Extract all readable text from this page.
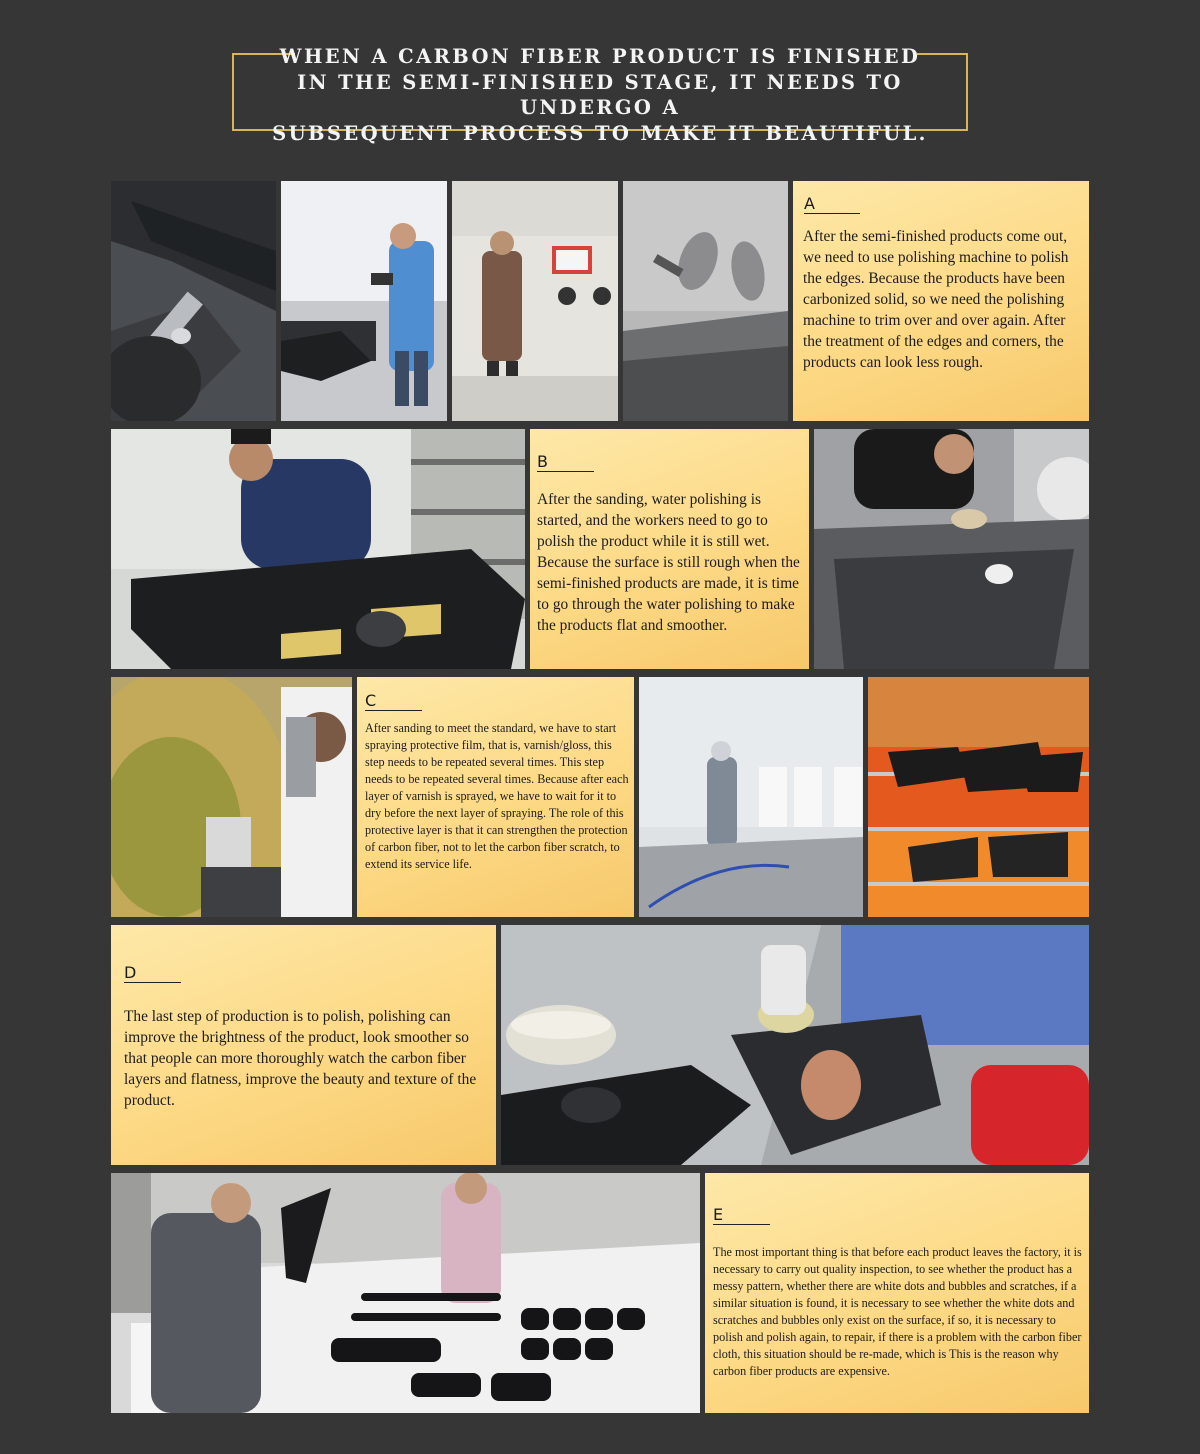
WHEN A CARBON FIBER PRODUCT IS FINISHED
IN THE SEMI-FINISHED STAGE, IT NEEDS TO UNDERGO A
SUBSEQUENT PROCESS TO MAKE IT BEAUTIFUL.
A
After the semi-finished products come out, we need to use polishing machine to polish the edges. Because the products have been carbonized solid, so we need the polishing machine to trim over and over again. After the treatment of the edges and corners, the products can look less rough.
B
After the sanding, water polishing is started, and the workers need to go to polish the product while it is still wet. Because the surface is still rough when the semi-finished products are made, it is time to go through the water polishing to make the products flat and smoother.
C
After sanding to meet the standard, we have to start spraying protective film, that is, varnish/gloss, this step needs to be repeated several times. This step needs to be repeated several times. Because after each layer of varnish is sprayed, we have to wait for it to dry before the next layer of spraying. The role of this protective layer is that it can strengthen the protection of carbon fiber, not to let the carbon fiber scratch, to extend its service life.
D
The last step of production is to polish, polishing can improve the brightness of the product, look smoother so that people can more thoroughly watch the carbon fiber layers and flatness, improve the beauty and texture of the product.
E
The most important thing is that before each product leaves the factory, it is necessary to carry out quality inspection, to see whether the product has a messy pattern, whether there are white dots and bubbles and scratches, if a similar situation is found, it is necessary to see whether the white dots and scratches and bubbles only exist on the surface, if so, it is necessary to polish and polish again, to repair, if there is a problem with the carbon fiber cloth, this situation should be re-made, which is This is the reason why carbon fiber products are expensive.
